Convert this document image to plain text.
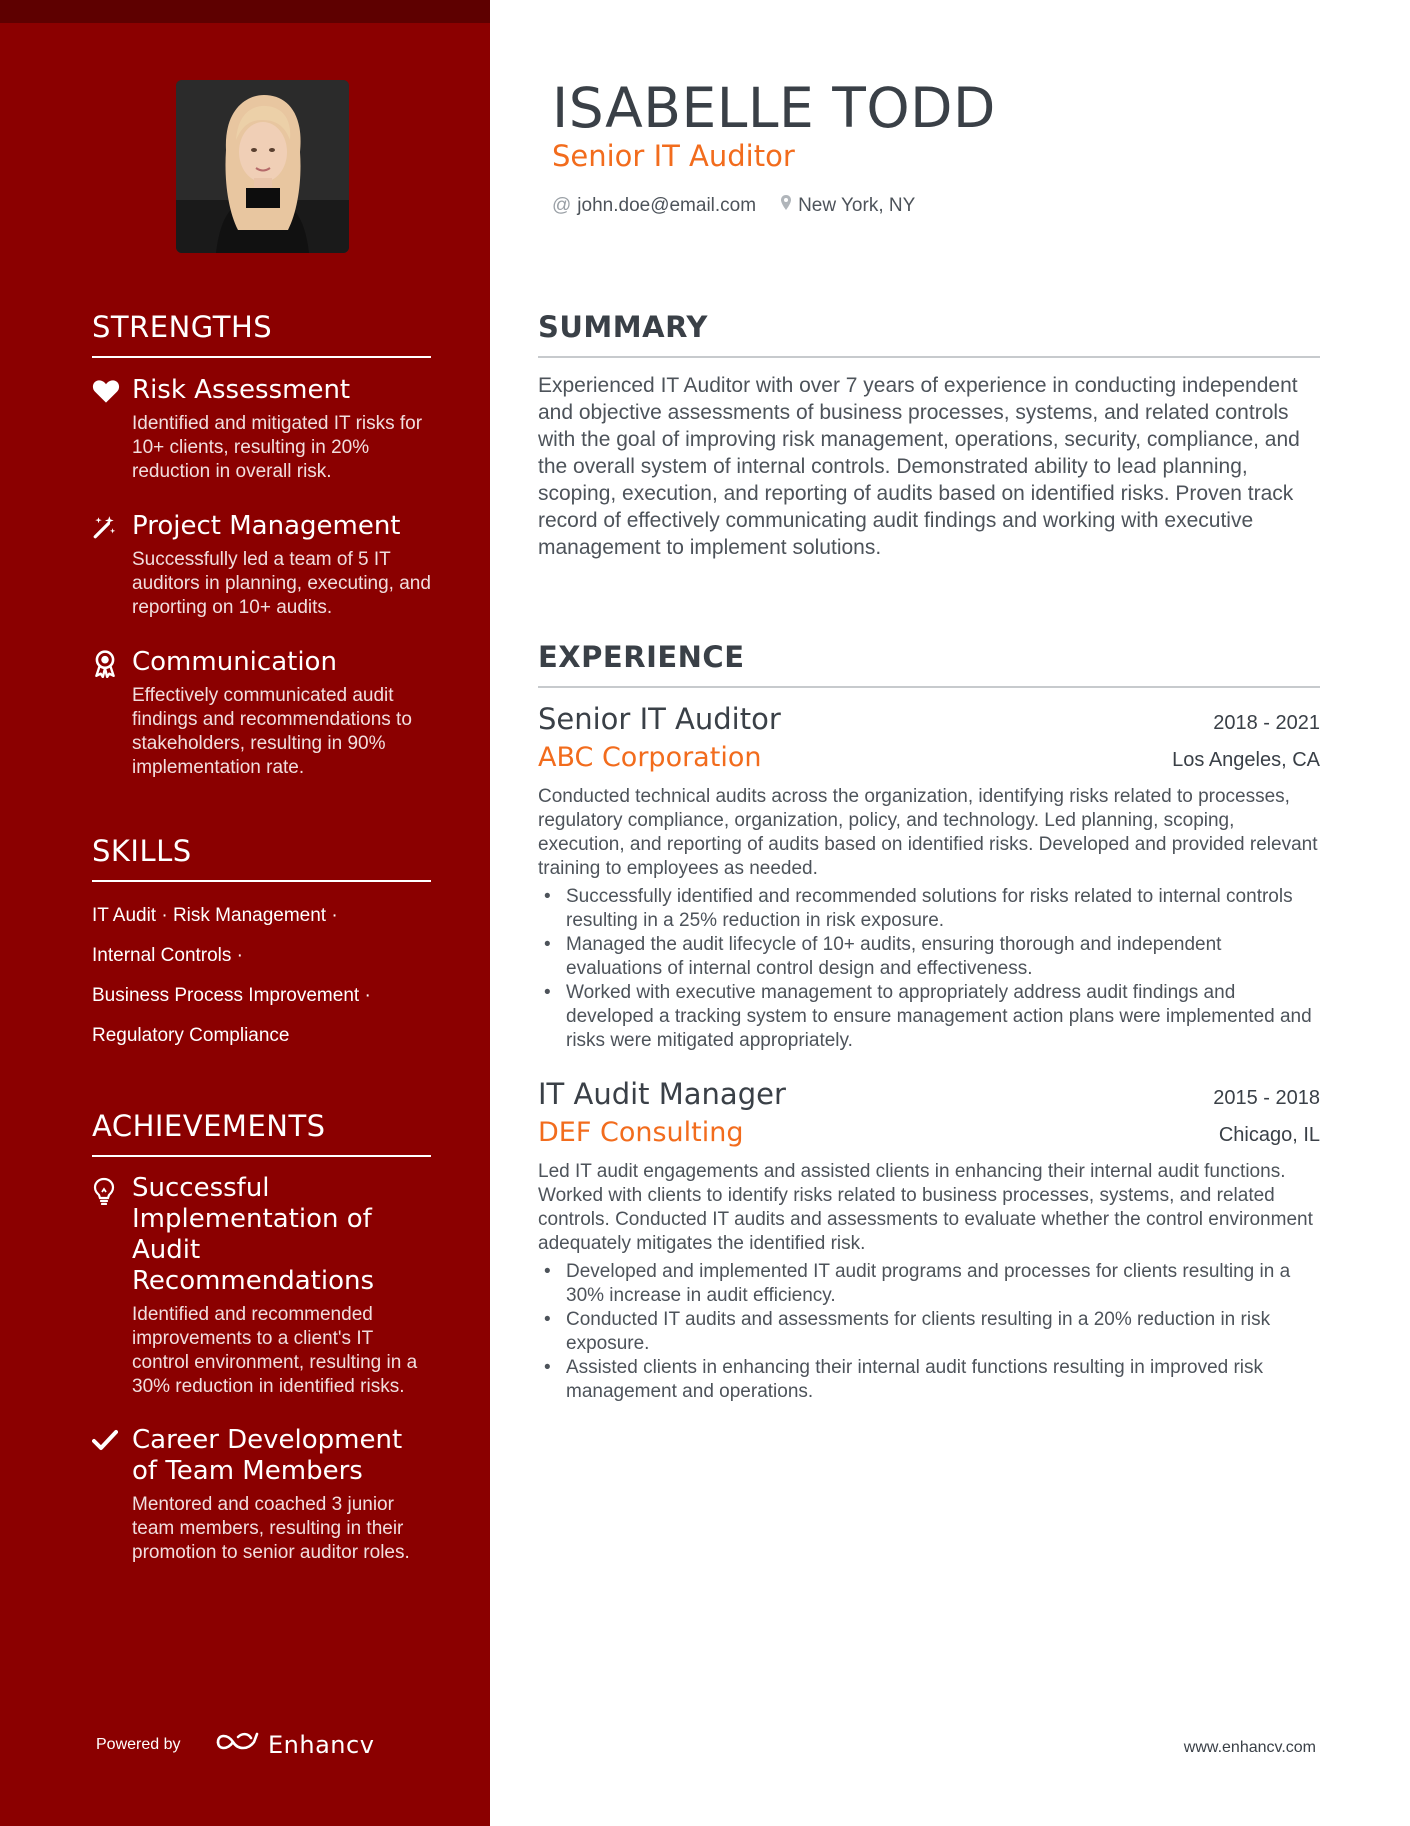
STRENGTHS
Risk Assessment
Identified and mitigated IT risks for 10+ clients, resulting in 20% reduction in overall risk.
Project Management
Successfully led a team of 5 IT auditors in planning, executing, and reporting on 10+ audits.
Communication
Effectively communicated audit findings and recommendations to stakeholders, resulting in 90% implementation rate.
SKILLS
IT Audit · Risk Management ·
Internal Controls ·
Business Process Improvement ·
Regulatory Compliance
ACHIEVEMENTS
Successful Implementation of Audit Recommendations
Identified and recommended improvements to a client's IT control environment, resulting in a 30% reduction in identified risks.
Career Development of Team Members
Mentored and coached 3 junior team members, resulting in their promotion to senior auditor roles.
Powered by	Enhancv
ISABELLE TODD
Senior IT Auditor
@ john.doe@email.com New York, NY
SUMMARY

Experienced IT Auditor with over 7 years of experience in conducting independent and objective assessments of business processes, systems, and related controls with the goal of improving risk management, operations, security, compliance, and the overall system of internal controls. Demonstrated ability to lead planning, scoping, execution, and reporting of audits based on identified risks. Proven track record of effectively communicating audit findings and working with executive management to implement solutions.

EXPERIENCE
Senior IT Auditor	2018 - 2021
ABC Corporation	Los Angeles, CA

Conducted technical audits across the organization, identifying risks related to processes, regulatory compliance, organization, policy, and technology. Led planning, scoping, execution, and reporting of audits based on identified risks. Developed and provided relevant training to employees as needed.

• Successfully identified and recommended solutions for risks related to internal controls resulting in a 25% reduction in risk exposure.
• Managed the audit lifecycle of 10+ audits, ensuring thorough and independent evaluations of internal control design and effectiveness.
• Worked with executive management to appropriately address audit findings and developed a tracking system to ensure management action plans were implemented and risks were mitigated appropriately.
IT Audit Manager	2015 - 2018
DEF Consulting	Chicago, IL

Led IT audit engagements and assisted clients in enhancing their internal audit functions. Worked with clients to identify risks related to business processes, systems, and related controls. Conducted IT audits and assessments to evaluate whether the control environment adequately mitigates the identified risk.

• Developed and implemented IT audit programs and processes for clients resulting in a 30% increase in audit efficiency.
• Conducted IT audits and assessments for clients resulting in a 20% reduction in risk exposure.
• Assisted clients in enhancing their internal audit functions resulting in improved risk management and operations.
www.enhancv.com
